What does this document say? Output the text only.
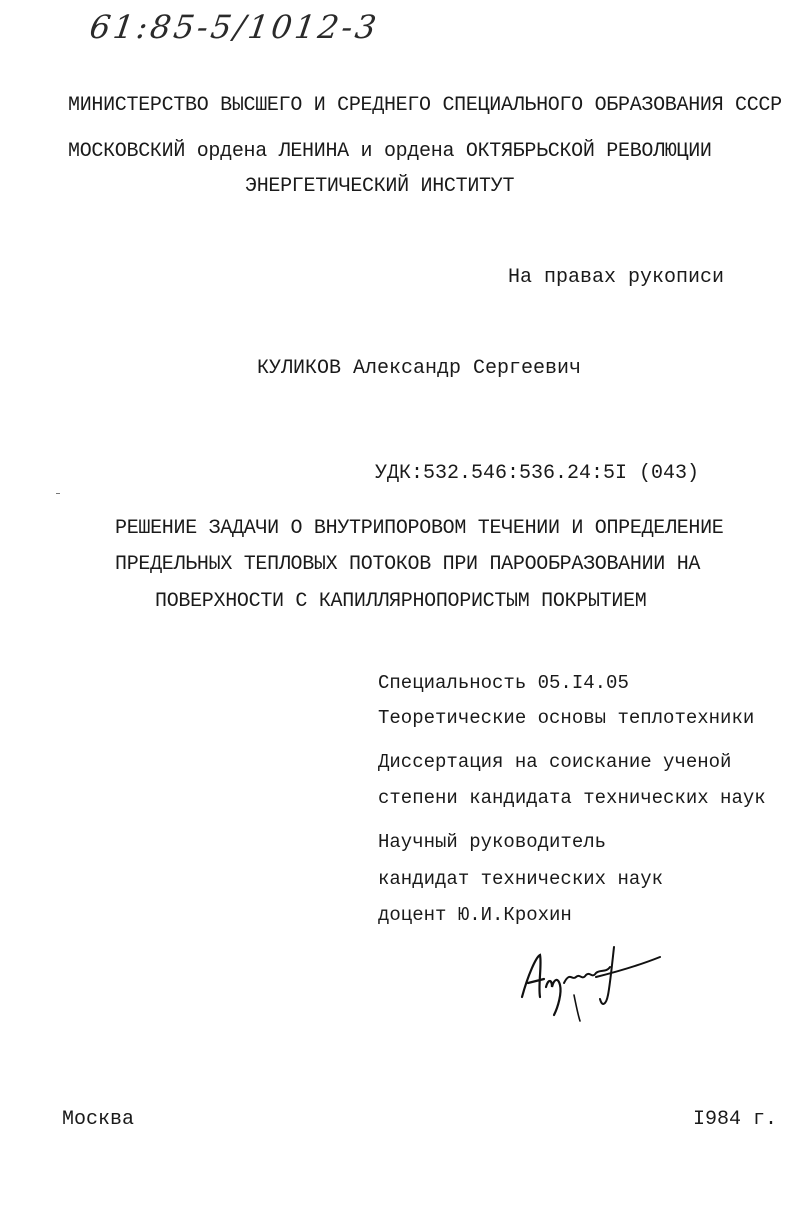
61:85-5/1012-3
МИНИСТЕРСТВО ВЫСШЕГО И СРЕДНЕГО СПЕЦИАЛЬНОГО ОБРАЗОВАНИЯ СССР
МОСКОВСКИЙ ордена ЛЕНИНА и ордена ОКТЯБРЬСКОЙ РЕВОЛЮЦИИ
ЭНЕРГЕТИЧЕСКИЙ ИНСТИТУТ
На правах рукописи
КУЛИКОВ Александр Сергеевич
УДК:532.546:536.24:5I (043)
РЕШЕНИЕ ЗАДАЧИ О ВНУТРИПОРОВОМ ТЕЧЕНИИ И ОПРЕДЕЛЕНИЕ
ПРЕДЕЛЬНЫХ ТЕПЛОВЫХ ПОТОКОВ ПРИ ПАРООБРАЗОВАНИИ НА
ПОВЕРХНОСТИ С КАПИЛЛЯРНОПОРИСТЫМ ПОКРЫТИЕМ
Специальность 05.I4.05
Теоретические основы теплотехники
Диссертация на соискание ученой
степени кандидата технических наук
Научный руководитель
кандидат технических наук
доцент Ю.И.Крохин
Москва	I984 г.
